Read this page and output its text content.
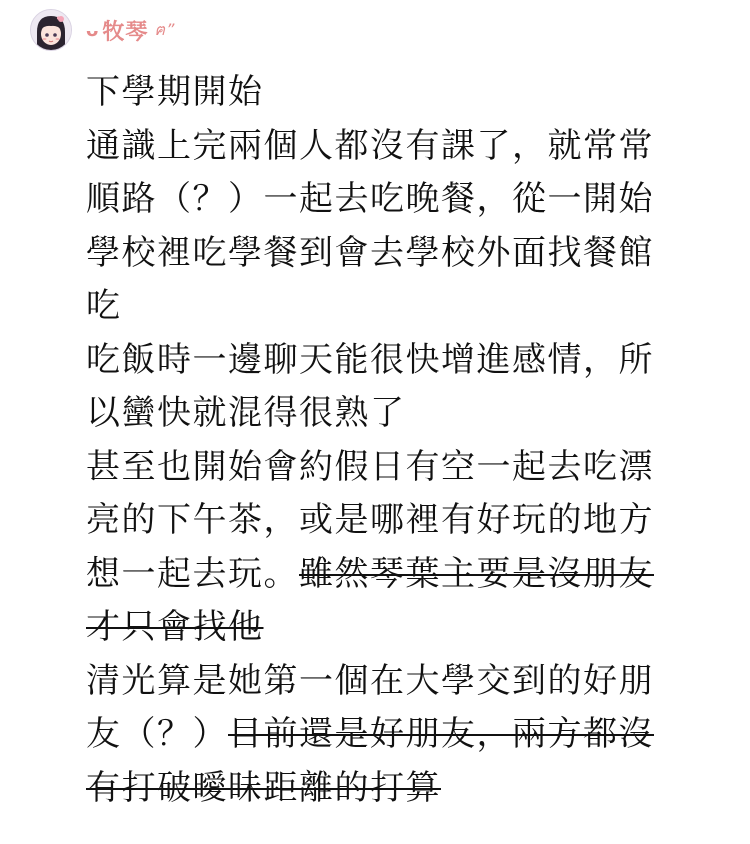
ᴗ 牧琴 ฅ”
下學期開始
通識上完兩個人都沒有課了，就常常
順路（？）一起去吃晚餐，從一開始
學校裡吃學餐到會去學校外面找餐館
吃
吃飯時一邊聊天能很快增進感情，所
以蠻快就混得很熟了
甚至也開始會約假日有空一起去吃漂
亮的下午茶，或是哪裡有好玩的地方
想一起去玩。雖然琴葉主要是沒朋友
才只會找他
清光算是她第一個在大學交到的好朋
友（？）目前還是好朋友，兩方都沒
有打破曖昧距離的打算
